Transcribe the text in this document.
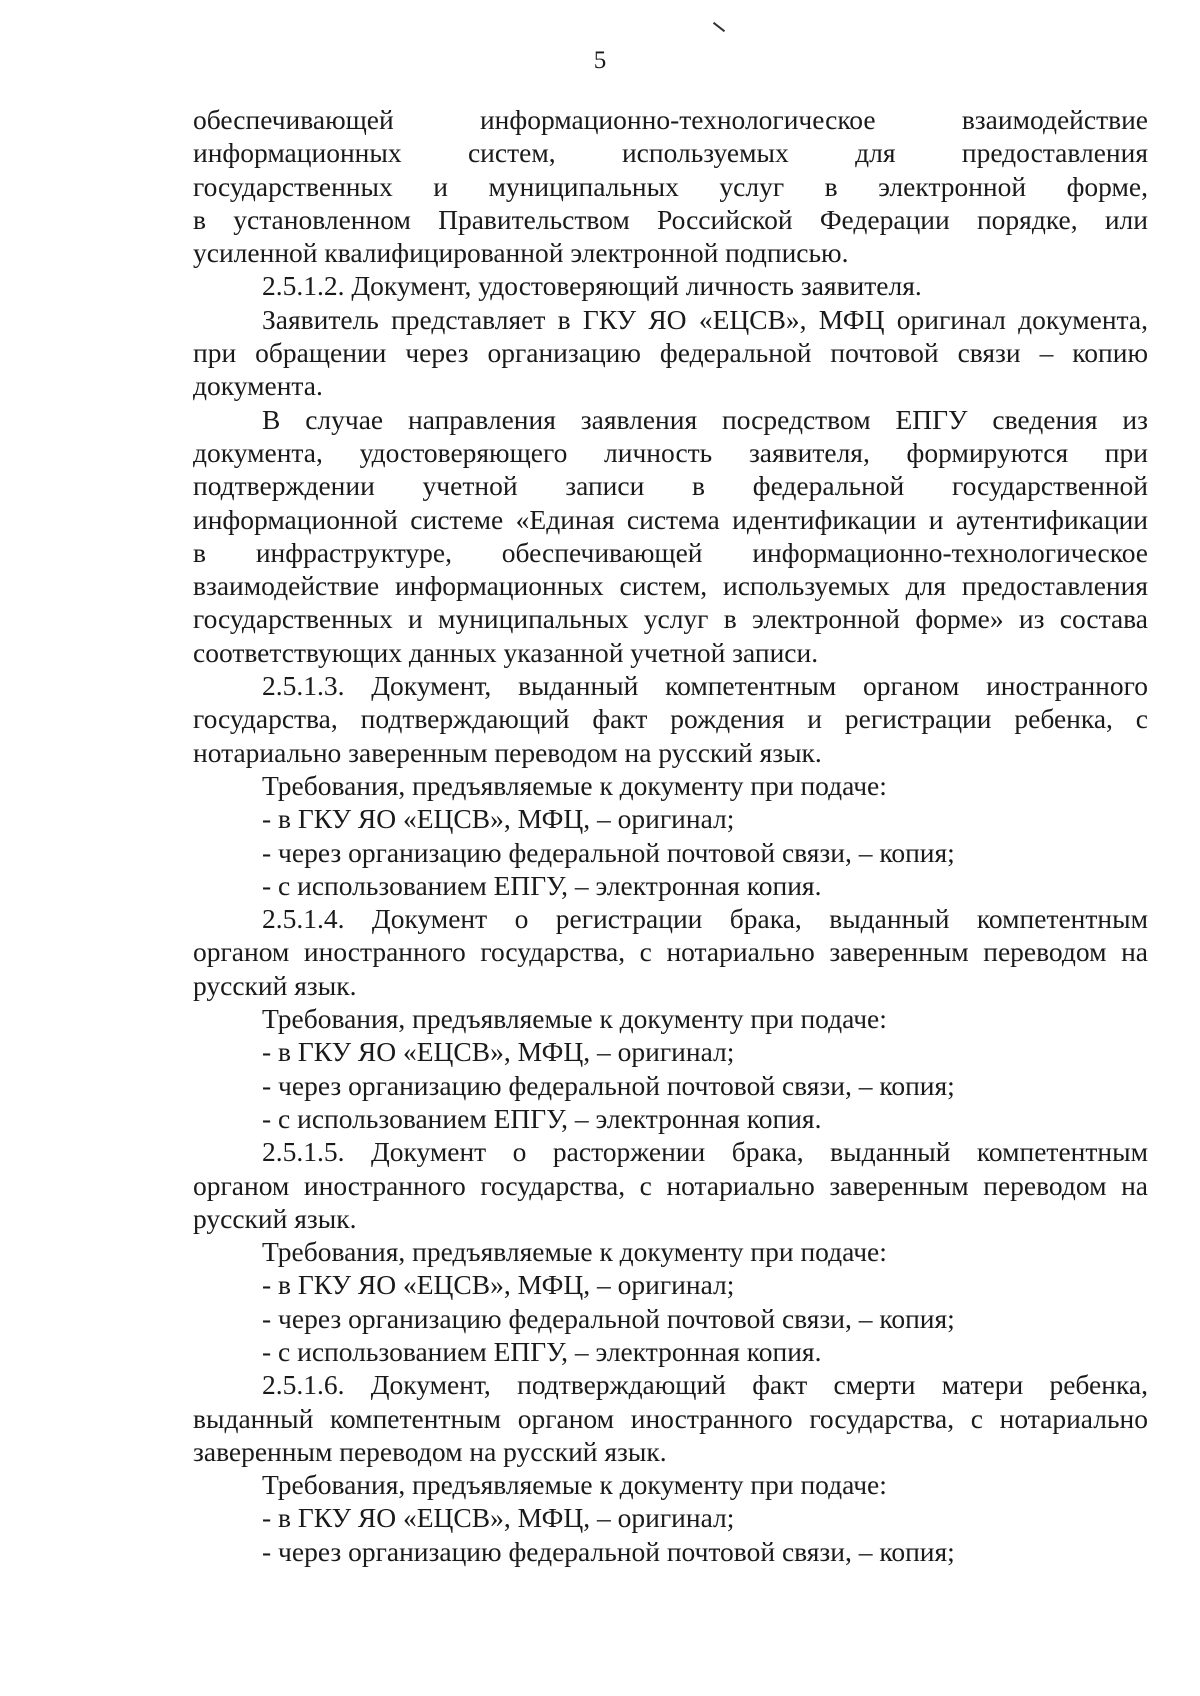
5
обеспечивающей информационно-технологическое взаимодействие
информационных систем, используемых для предоставления
государственных и муниципальных услуг в электронной форме,
в установленном Правительством Российской Федерации порядке, или
усиленной квалифицированной электронной подписью.
2.5.1.2. Документ, удостоверяющий личность заявителя.
Заявитель представляет в ГКУ ЯО «ЕЦСВ», МФЦ оригинал документа,
при обращении через организацию федеральной почтовой связи – копию
документа.
В случае направления заявления посредством ЕПГУ сведения из
документа, удостоверяющего личность заявителя, формируются при
подтверждении учетной записи в федеральной государственной
информационной системе «Единая система идентификации и аутентификации
в инфраструктуре, обеспечивающей информационно-технологическое
взаимодействие информационных систем, используемых для предоставления
государственных и муниципальных услуг в электронной форме» из состава
соответствующих данных указанной учетной записи.
2.5.1.3. Документ, выданный компетентным органом иностранного
государства, подтверждающий факт рождения и регистрации ребенка, с
нотариально заверенным переводом на русский язык.
Требования, предъявляемые к документу при подаче:
- в ГКУ ЯО «ЕЦСВ», МФЦ, – оригинал;
- через организацию федеральной почтовой связи, – копия;
- с использованием ЕПГУ, – электронная копия.
2.5.1.4. Документ о регистрации брака, выданный компетентным
органом иностранного государства, с нотариально заверенным переводом на
русский язык.
Требования, предъявляемые к документу при подаче:
- в ГКУ ЯО «ЕЦСВ», МФЦ, – оригинал;
- через организацию федеральной почтовой связи, – копия;
- с использованием ЕПГУ, – электронная копия.
2.5.1.5. Документ о расторжении брака, выданный компетентным
органом иностранного государства, с нотариально заверенным переводом на
русский язык.
Требования, предъявляемые к документу при подаче:
- в ГКУ ЯО «ЕЦСВ», МФЦ, – оригинал;
- через организацию федеральной почтовой связи, – копия;
- с использованием ЕПГУ, – электронная копия.
2.5.1.6. Документ, подтверждающий факт смерти матери ребенка,
выданный компетентным органом иностранного государства, с нотариально
заверенным переводом на русский язык.
Требования, предъявляемые к документу при подаче:
- в ГКУ ЯО «ЕЦСВ», МФЦ, – оригинал;
- через организацию федеральной почтовой связи, – копия;
